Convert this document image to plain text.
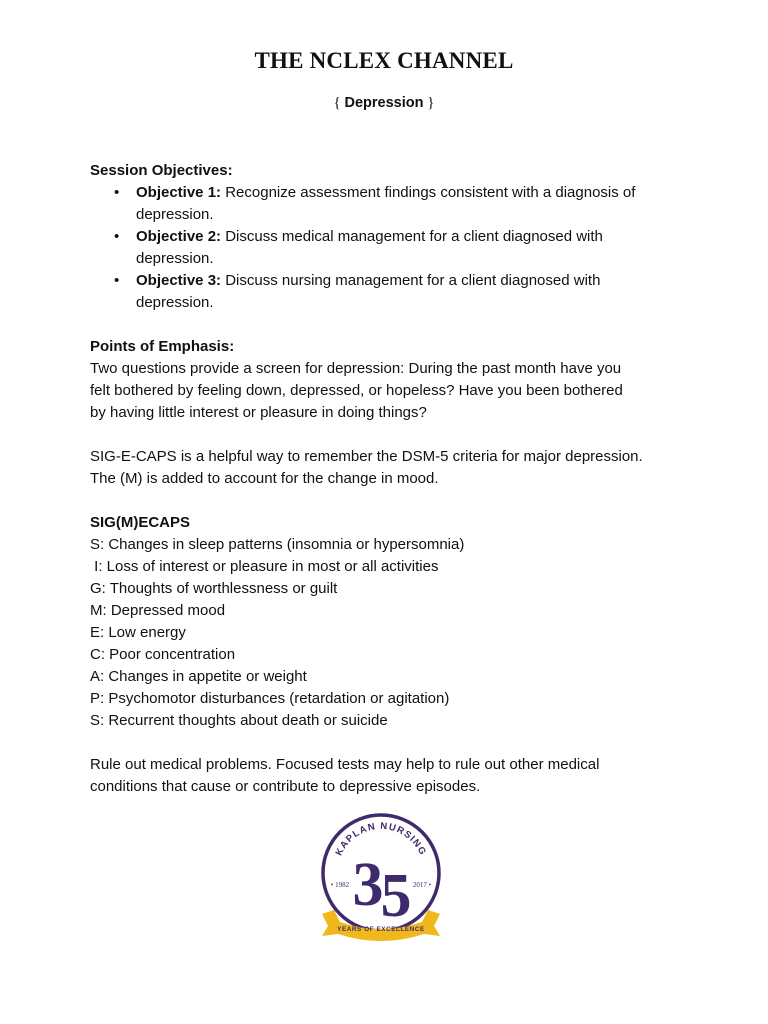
THE NCLEX CHANNEL
{ Depression }
Session Objectives:
• Objective 1: Recognize assessment findings consistent with a diagnosis of
depression.
• Objective 2: Discuss medical management for a client diagnosed with
depression.
• Objective 3: Discuss nursing management for a client diagnosed with
depression.
Points of Emphasis:
Two questions provide a screen for depression: During the past month have you
felt bothered by feeling down, depressed, or hopeless? Have you been bothered
by having little interest or pleasure in doing things?
SIG-E-CAPS is a helpful way to remember the DSM-5 criteria for major depression.
The (M) is added to account for the change in mood.
SIG(M)ECAPS
S: Changes in sleep patterns (insomnia or hypersomnia)
I: Loss of interest or pleasure in most or all activities
G: Thoughts of worthlessness or guilt
M: Depressed mood
E: Low energy
C: Poor concentration
A: Changes in appetite or weight
P: Psychomotor disturbances (retardation or agitation)
S: Recurrent thoughts about death or suicide
Rule out medical problems. Focused tests may help to rule out other medical
conditions that cause or contribute to depressive episodes.
KAPLAN NURSING
3
5
• 1982	2017 •
YEARS OF EXCELLENCE
